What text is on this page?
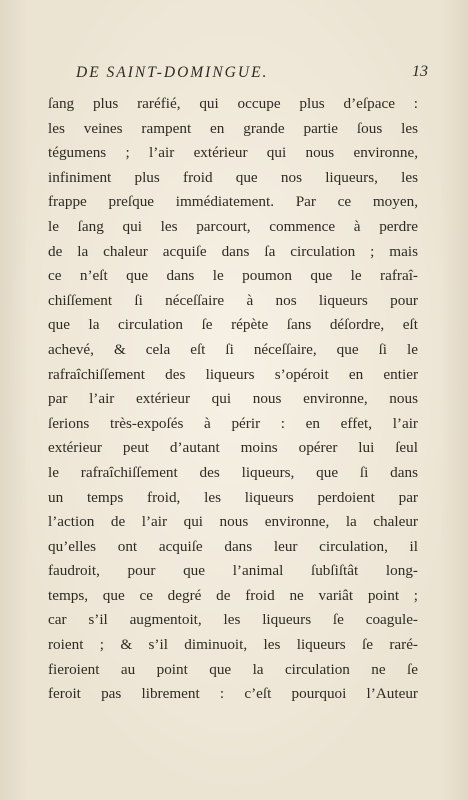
DE SAINT-DOMINGUE.	13
ſang plus raréfié, qui occupe plus d’eſpace :
les veines rampent en grande partie ſous les
tégumens ; l’air extérieur qui nous environne,
infiniment plus froid que nos liqueurs, les
frappe preſque immédiatement. Par ce moyen,
le ſang qui les parcourt, commence à perdre
de la chaleur acquiſe dans ſa circulation ; mais
ce n’eſt que dans le poumon que le rafraî-
chiſſement ſi néceſſaire à nos liqueurs pour
que la circulation ſe répète ſans déſordre, eſt
achevé, & cela eſt ſi néceſſaire, que ſi le
rafraîchiſſement des liqueurs s’opéroit en entier
par l’air extérieur qui nous environne, nous
ſerions très-expoſés à périr : en effet, l’air
extérieur peut d’autant moins opérer lui ſeul
le rafraîchiſſement des liqueurs, que ſi dans
un temps froid, les liqueurs perdoient par
l’action de l’air qui nous environne, la chaleur
qu’elles ont acquiſe dans leur circulation, il
faudroit, pour que l’animal ſubſiſtât long-
temps, que ce degré de froid ne variât point ;
car s’il augmentoit, les liqueurs ſe coagule-
roient ; & s’il diminuoit, les liqueurs ſe raré-
fieroient au point que la circulation ne ſe
feroit pas librement : c’eſt pourquoi l’Auteur
